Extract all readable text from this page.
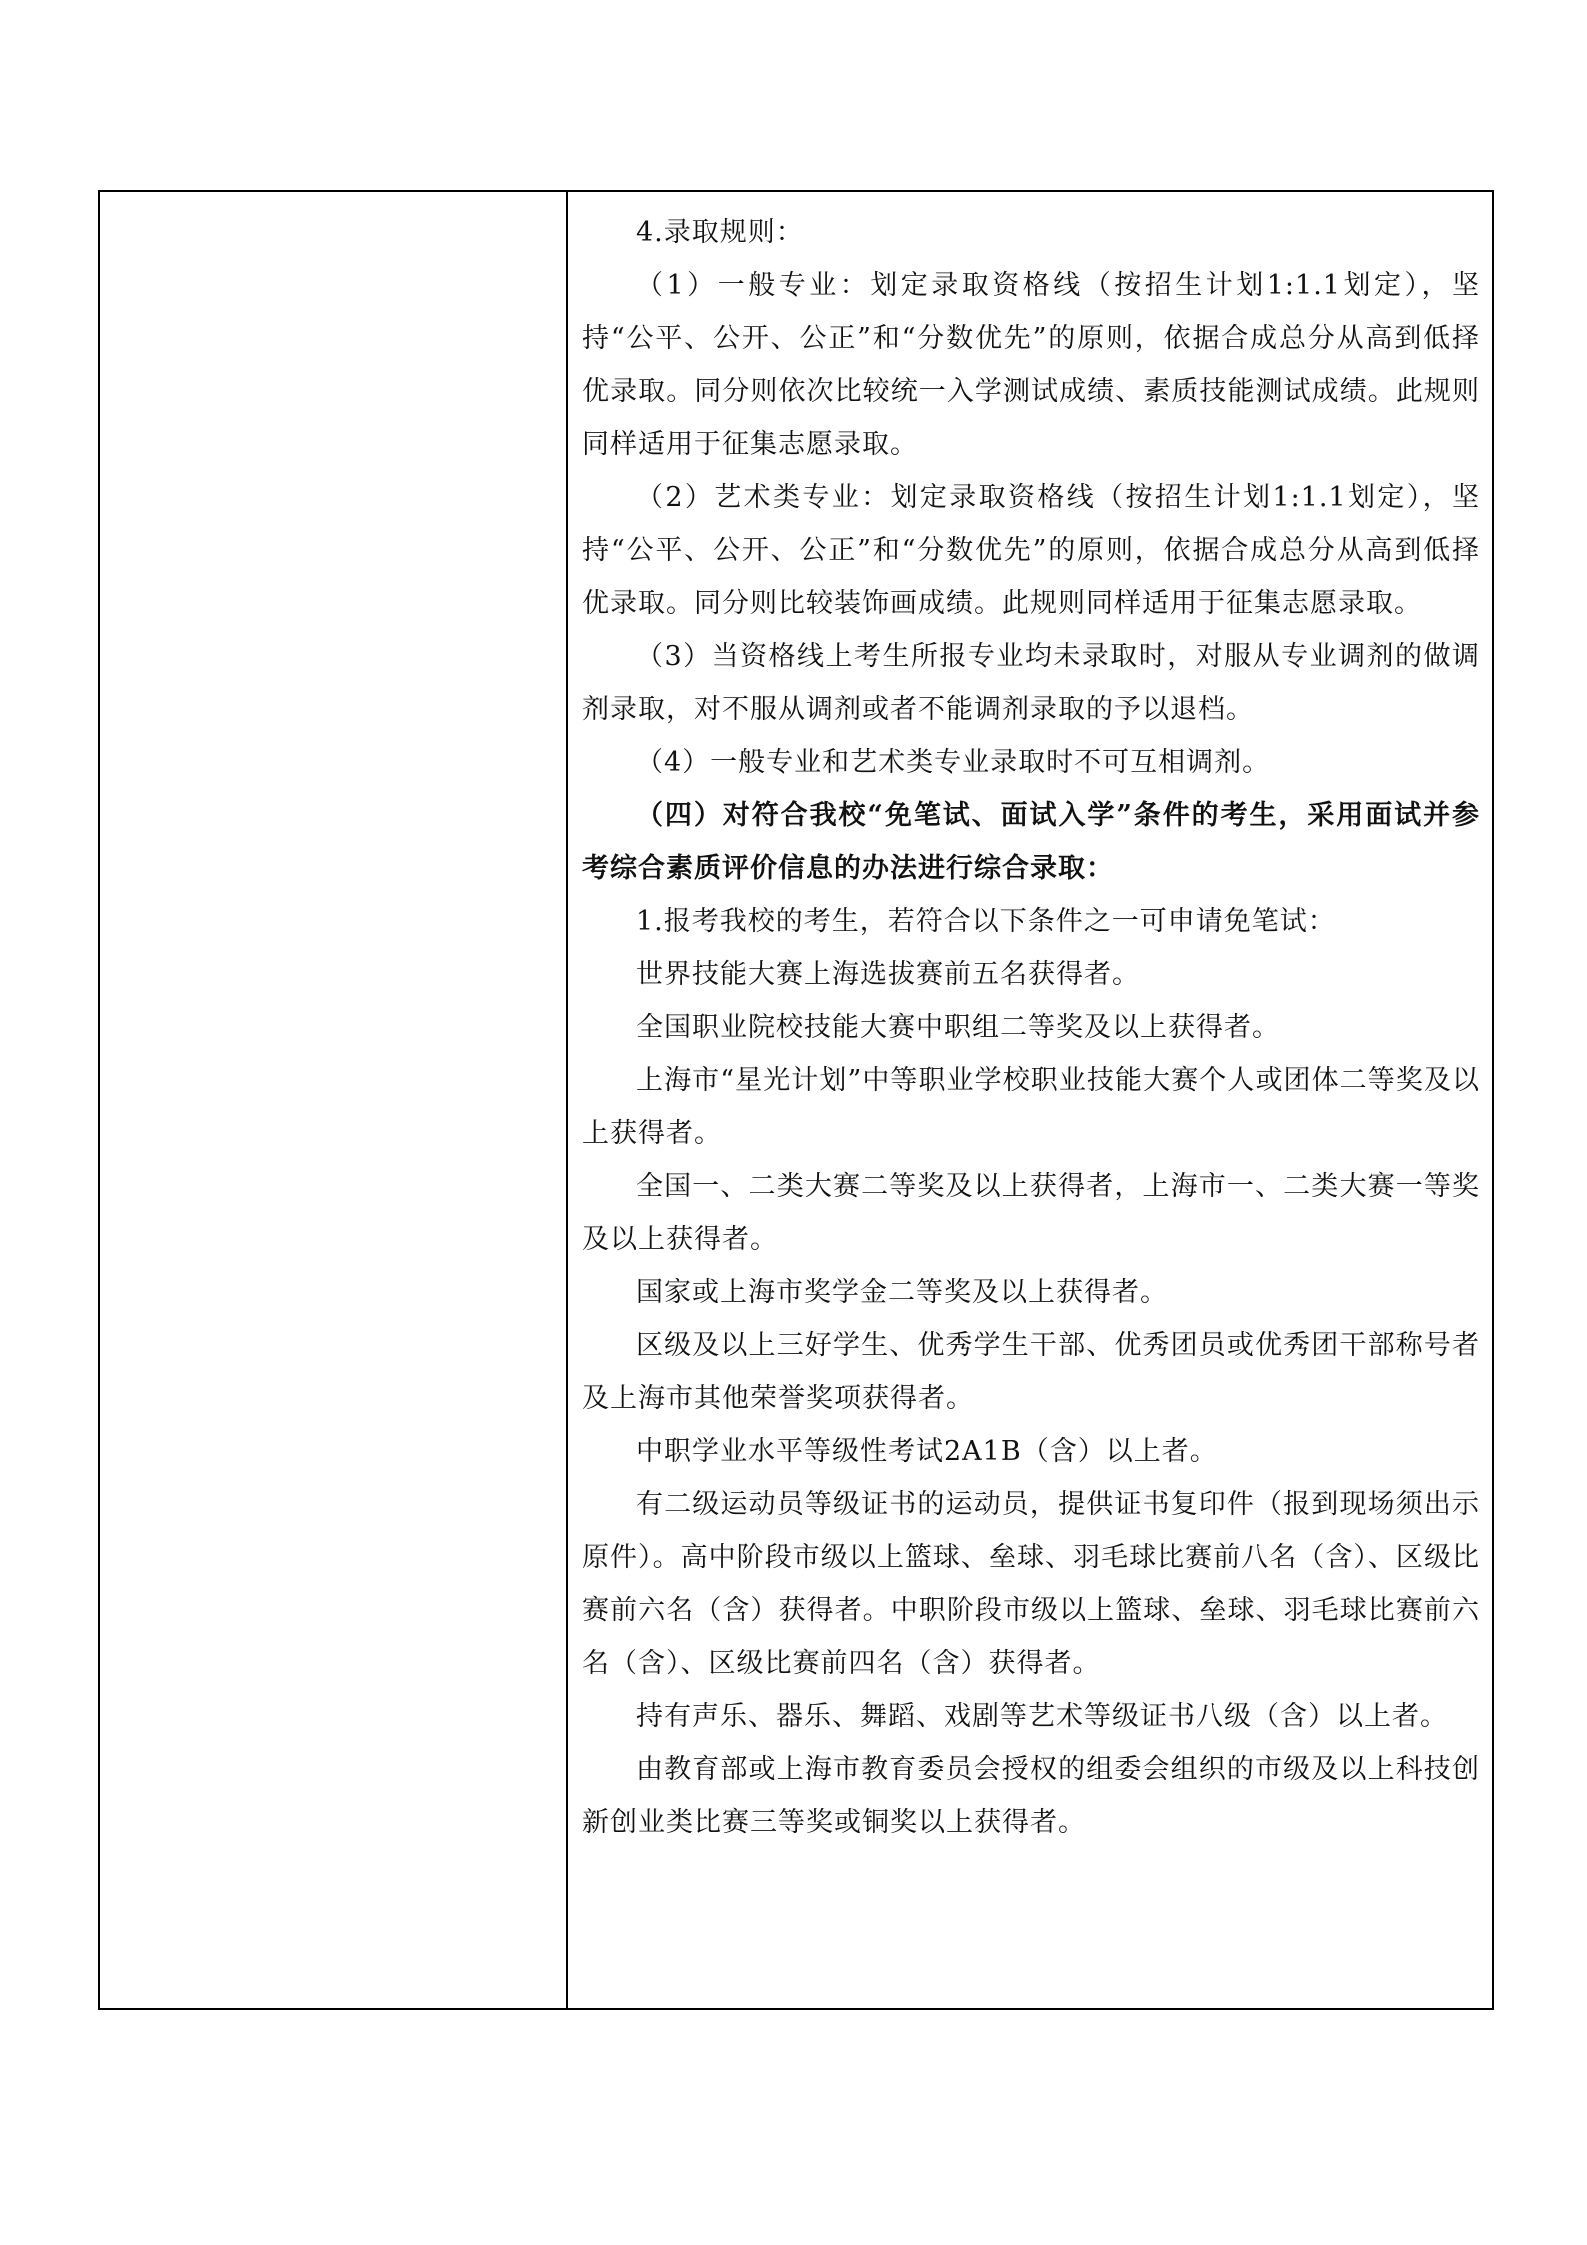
4.录取规则：

（1）一般专业：划定录取资格线（按招生计划1:1.1划定），坚持“公平、公开、公正”和“分数优先”的原则，依据合成总分从高到低择优录取。同分则依次比较统一入学测试成绩、素质技能测试成绩。此规则同样适用于征集志愿录取。

（2）艺术类专业：划定录取资格线（按招生计划1:1.1划定），坚持“公平、公开、公正”和“分数优先”的原则，依据合成总分从高到低择优录取。同分则比较装饰画成绩。此规则同样适用于征集志愿录取。

（3）当资格线上考生所报专业均未录取时，对服从专业调剂的做调剂录取，对不服从调剂或者不能调剂录取的予以退档。

（4）一般专业和艺术类专业录取时不可互相调剂。

（四）对符合我校“免笔试、面试入学”条件的考生，采用面试并参考综合素质评价信息的办法进行综合录取：

1.报考我校的考生，若符合以下条件之一可申请免笔试：

世界技能大赛上海选拔赛前五名获得者。

全国职业院校技能大赛中职组二等奖及以上获得者。

上海市“星光计划”中等职业学校职业技能大赛个人或团体二等奖及以上获得者。

全国一、二类大赛二等奖及以上获得者，上海市一、二类大赛一等奖及以上获得者。

国家或上海市奖学金二等奖及以上获得者。

区级及以上三好学生、优秀学生干部、优秀团员或优秀团干部称号者及上海市其他荣誉奖项获得者。

中职学业水平等级性考试2A1B（含）以上者。

有二级运动员等级证书的运动员，提供证书复印件（报到现场须出示原件）。高中阶段市级以上篮球、垒球、羽毛球比赛前八名（含）、区级比赛前六名（含）获得者。中职阶段市级以上篮球、垒球、羽毛球比赛前六名（含）、区级比赛前四名（含）获得者。

持有声乐、器乐、舞蹈、戏剧等艺术等级证书八级（含）以上者。

由教育部或上海市教育委员会授权的组委会组织的市级及以上科技创新创业类比赛三等奖或铜奖以上获得者。
